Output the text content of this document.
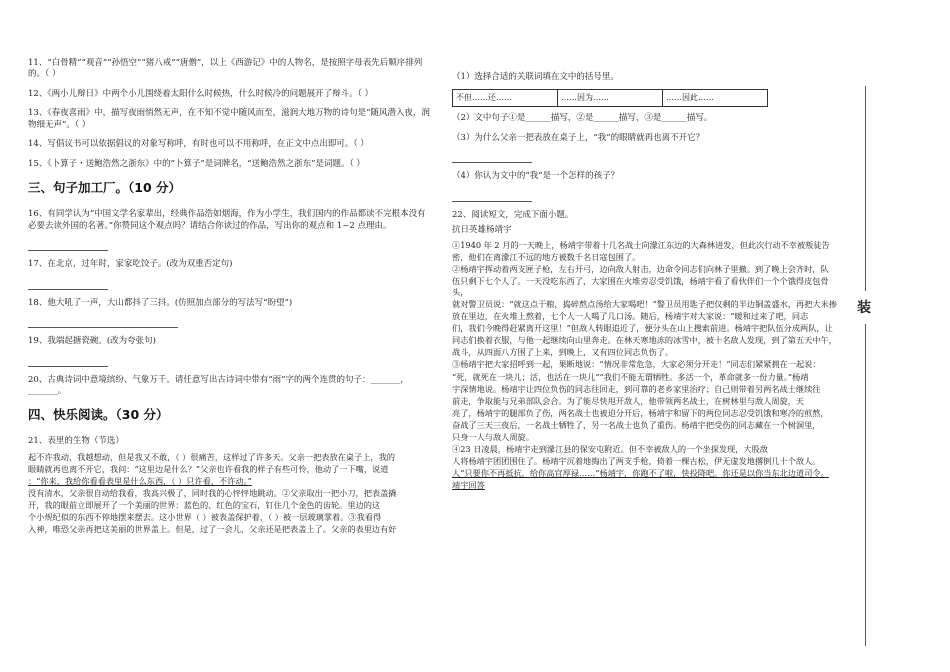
11、“白骨精”“观音”“孙悟空”“猪八戒”“唐僧”，以上《西游记》中的人物名，是按照字母表先后顺序排列的。（ ）

12、《两小儿辩日》中两个小儿围绕着太阳什么时候热，什么时候冷的问题展开了辩斗。（ ）

13、《春夜喜雨》中，描写夜雨悄然无声，在不知不觉中随风而至，滋润大地万物的诗句是“随风潜入夜，润物细无声”。（ ）

14、写倡议书可以依据倡议的对象写称呼，有时也可以不用称呼，在正文中点出即可。（ ）

15、《卜算子・送鲍浩然之浙东》中的“卜算子”是词牌名，“送鲍浩然之浙东”是词题。（ ）

三、句子加工厂。（10 分）

16、有同学认为“中国文学名家辈出，经典作品浩如烟海，作为小学生，我们国内的作品都读不完根本没有必要去读外国的名著。”你赞同这个观点吗？请结合你读过的作品，写出你的观点和 1~2 点理由。

17、在北京，过年时，家家吃饺子。(改为双重否定句)

18、他大吼了一声，大山都抖了三抖。(仿照加点部分的写法写“盼望”)

19、我端起搪瓷碗。(改为夸张句)

20、古典诗词中意境缤纷、气象万千。请任意写出古诗词中带有“雨”字的两个连贯的句子：_______，_______。

四、快乐阅读。（30 分）

21、表里的生物（节选）

起不许我动，我越想动，但是我又不敢，（ ）很痛苦，这样过了许多天。父亲一把表放在桌子上，我的

眼睛就再也离不开它，我问：“这里边是什么？”父亲也许看我的样子有些可怜，他动了一下嘴，说道

：“你来，我给你看看表里是什么东西，（ ）只许看，不许动。”

没有清水，父亲很自动给我看，我高兴极了，同时我的心怦怦地跳动。②父亲取出一把小刀，把表盖撬

开，我的眼前立即展开了一个美丽的世界：蓝色的、红色的宝石，钉住几个金色的齿轮。里边的这

个小规纪似的东西不停地摆来摆去。这小世界（ ）被表盖保护着，（ ）被一层玻璃掌着。③我看得

入神，唯恐父亲再把这美丽的世界盖上。但是，过了一会儿，父亲还是把表盖上了。父亲的表里边有好

（1）选择合适的关联词填在文中的括号里。

不但……还……	……因为……	……因此……

（2）文中句子①是______描写，②是______描写，③是______描写。

（3）为什么父亲一把表放在桌子上，“我”的眼睛就再也离不开它？

（4）你认为文中的“我”是一个怎样的孩子？

22、阅读短文，完成下面小题。

抗日英雄杨靖宇

①1940 年 2 月的一天晚上，杨靖宇带着十几名战士向濛江东边的大森林进发，但此次行动不幸被叛徒告

密，他们在离濛江不远的地方被数千名日寇包围了。

②杨靖宇挥动着两支匣子枪，左右开弓，边向敌人射击，边命令同志们向林子里撤。到了晚上会齐时，队

伍只剩下七个人了。一天没吃东西了，大家围在火堆旁忍受饥饿，杨靖宇看了看伙伴们一个个饿得皮包骨头，

就对警卫员说：“就这点干粮，捣碎熬点汤给大家喝吧！”警卫员用匙子把仅剩的半边铜盖盛水，再把大米掺

放在里边，在火堆上熬着，七个人一人喝了几口汤。随后，杨靖宇对大家说：“暖和过来了吧，同志

们，我们今晚得赶紧离开这里！”但敌人转眼追近了，便分头在山上搜索前进。杨靖宇把队伍分成两队，让

同志们换着衣服，与他一起继续向山里奔走。在林天寒地冻的冰雪中，被十名敌人发现，到了第五天中午，

战斗，从四面八方围了上来，到晚上，又有四位同志负伤了。

③杨靖宇把大家招呼到一起，果断地说：“情况非常危急，大家必须分开走！”同志们紧紧拥在一起说：

“死，就死在一块儿；活，也活在一块儿”“我们不能无谓牺牲。多活一个，革命就多一份力量。”杨靖

宇深情地说。杨靖宇让四位负伤的同志往回走，到可靠的老乡家里治疗；自己则带着另两名战士继续往

前走，争取能与兄弟部队会合。为了能尽快甩开敌人，他带领两名战士，在树林里与敌人周旋，天

亮了，杨靖宇的腿部负了伤，两名战士也被迫分开后，杨靖宇和留下的两位同志忍受饥饿和寒冷的煎熬，

奋战了三天三夜后，一名战士牺牲了，另一名战士也负了重伤。杨靖宇把受伤的同志藏在一个树洞里，

只身一人与敌人周旋。

④23 日凌晨，杨靖宇走到濛江县的保安屯附近。但不幸被敌人的一个坐探发现，大股敌

人将杨靖宇团团围住了。杨靖宇沉着地掏出了两支手枪，倚着一棵古松，伊无虚发地撂倒几十个敌人。

人“只要你不再抵抗，给你高官厚禄……”杨靖宇，你跑不了啦，快投降吧。你还是以你当东北边道司令。

靖宇回答

装
